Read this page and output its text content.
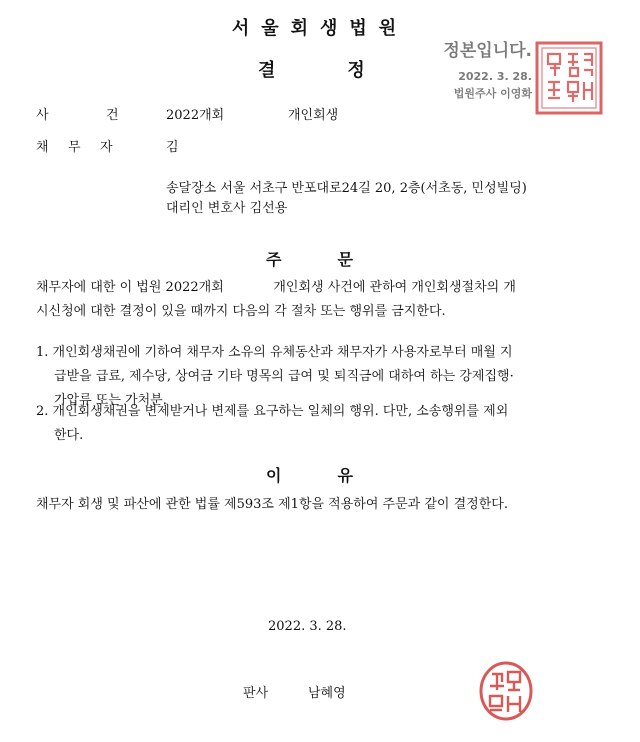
서울회생법원
결	정
정본입니다.
2022. 3. 28.
법원주사 이영화
사	건	2022개회	개인회생
채 무 자	김
송달장소 서울 서초구 반포대로24길 20, 2층(서초동, 민성빌딩)
대리인 변호사 김선용
주	문
채무자에 대한 이 법원 2022개회            개인회생 사건에 관하여 개인회생절차의 개
시신청에 대한 결정이 있을 때까지 다음의 각 절차 또는 행위를 금지한다.
1. 개인회생채권에 기하여 채무자 소유의 유체동산과 채무자가 사용자로부터 매월 지
급받을 급료, 제수당, 상여금 기타 명목의 급여 및 퇴직금에 대하여 하는 강제집행·
가압류 또는 가처분.
2. 개인회생채권을 변제받거나 변제를 요구하는 일체의 행위. 다만, 소송행위를 제외
한다.
이	유
채무자 회생 및 파산에 관한 법률 제593조 제1항을 적용하여 주문과 같이 결정한다.
2022. 3. 28.
판사	남혜영
